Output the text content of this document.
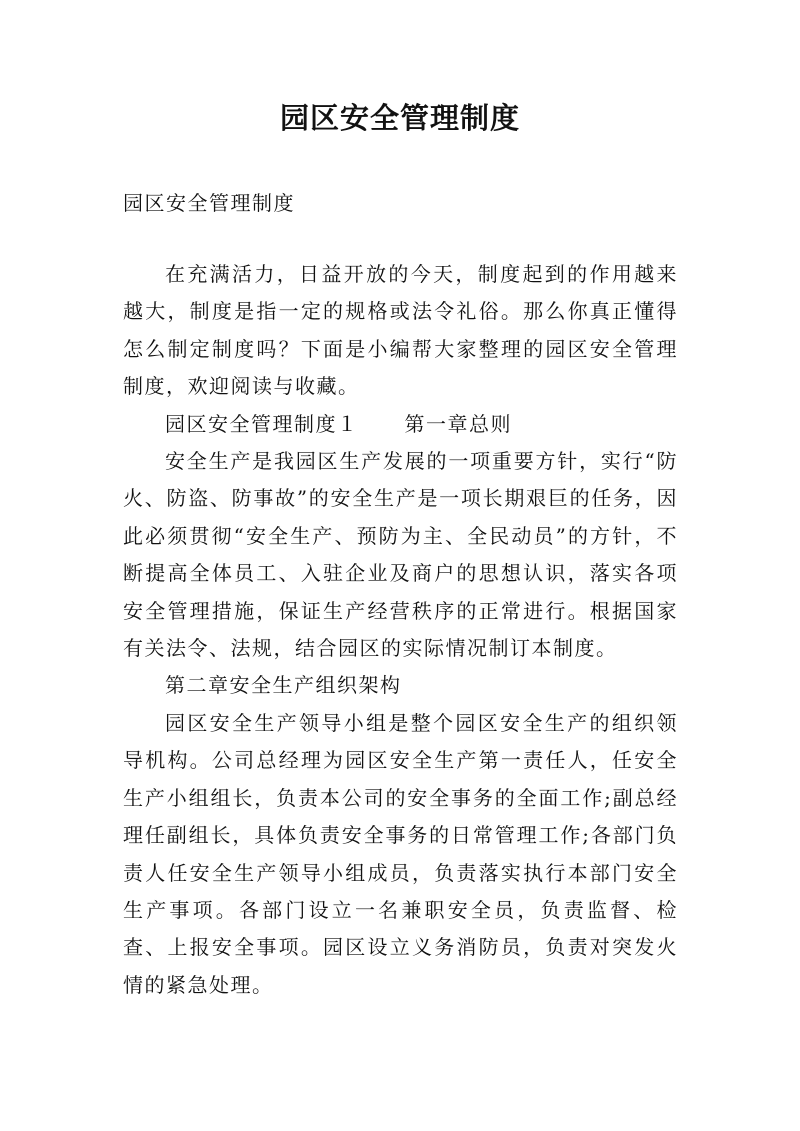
园区安全管理制度

园区安全管理制度

在充满活力，日益开放的今天，制度起到的作用越来越大，制度是指一定的规格或法令礼俗。那么你真正懂得怎么制定制度吗？下面是小编帮大家整理的园区安全管理制度，欢迎阅读与收藏。

园区安全管理制度１ 第一章总则

安全生产是我园区生产发展的一项重要方针，实行“防火、防盗、防事故”的安全生产是一项长期艰巨的任务，因此必须贯彻“安全生产、预防为主、全民动员”的方针，不断提高全体员工、入驻企业及商户的思想认识，落实各项安全管理措施，保证生产经营秩序的正常进行。根据国家有关法令、法规，结合园区的实际情况制订本制度。

第二章安全生产组织架构

园区安全生产领导小组是整个园区安全生产的组织领导机构。公司总经理为园区安全生产第一责任人，任安全生产小组组长，负责本公司的安全事务的全面工作;副总经理任副组长，具体负责安全事务的日常管理工作;各部门负责人任安全生产领导小组成员，负责落实执行本部门安全生产事项。各部门设立一名兼职安全员，负责监督、检查、上报安全事项。园区设立义务消防员，负责对突发火情的紧急处理。
